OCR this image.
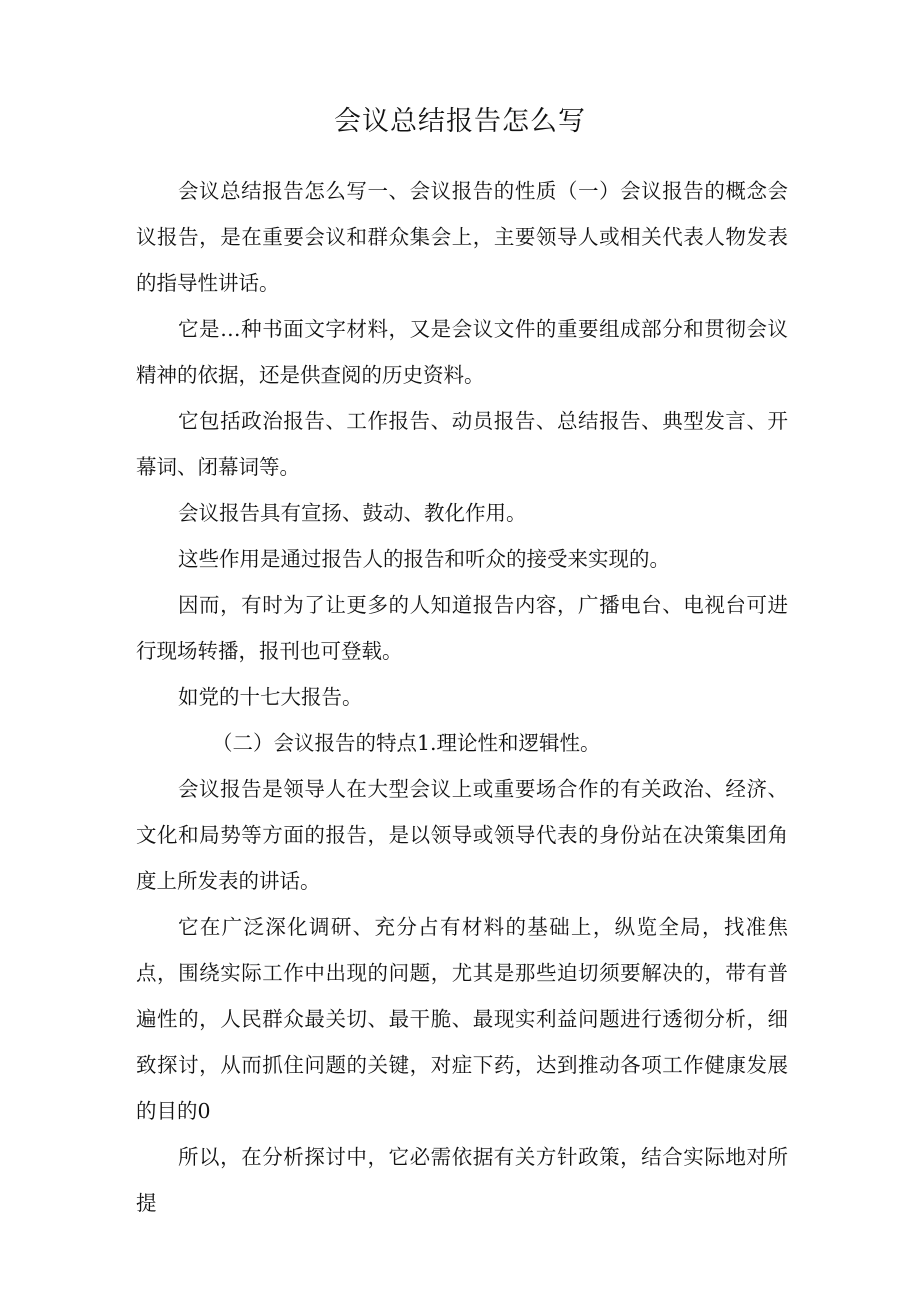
会议总结报告怎么写

会议总结报告怎么写一、会议报告的性质（一）会议报告的概念会议报告，是在重要会议和群众集会上，主要领导人或相关代表人物发表的指导性讲话。

它是…种书面文字材料，又是会议文件的重要组成部分和贯彻会议精神的依据，还是供查阅的历史资料。

它包括政治报告、工作报告、动员报告、总结报告、典型发言、开幕词、闭幕词等。

会议报告具有宣扬、鼓动、教化作用。

这些作用是通过报告人的报告和听众的接受来实现的。

因而，有时为了让更多的人知道报告内容，广播电台、电视台可进行现场转播，报刊也可登载。

如党的十七大报告。

（二）会议报告的特点1.理论性和逻辑性。

会议报告是领导人在大型会议上或重要场合作的有关政治、经济、文化和局势等方面的报告，是以领导或领导代表的身份站在决策集团角度上所发表的讲话。

它在广泛深化调研、充分占有材料的基础上，纵览全局，找准焦点，围绕实际工作中出现的问题，尤其是那些迫切须要解决的，带有普遍性的，人民群众最关切、最干脆、最现实利益问题进行透彻分析，细致探讨，从而抓住问题的关键，对症下药，达到推动各项工作健康发展的目的0

所以，在分析探讨中，它必需依据有关方针政策，结合实际地对所提
